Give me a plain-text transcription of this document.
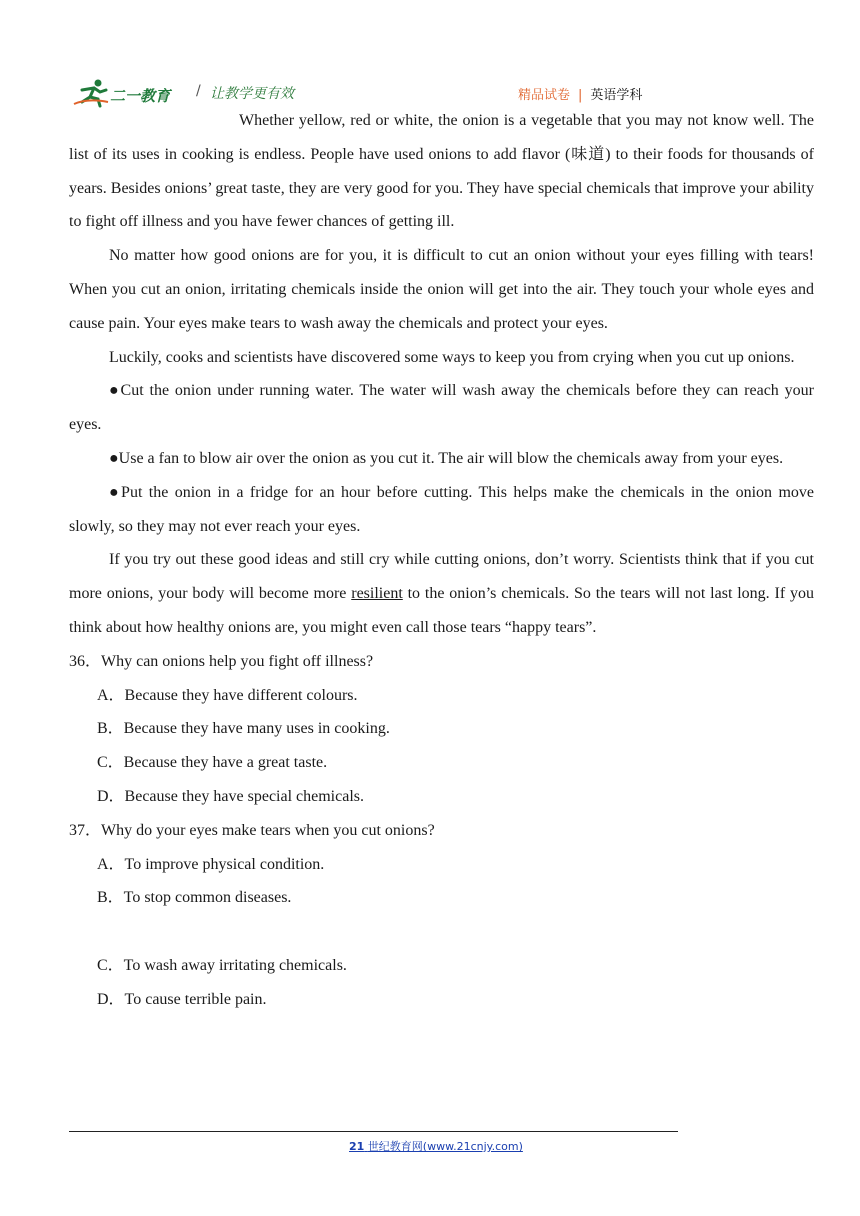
二一教育 / 让教学更有效	精品试卷 | 英语学科

Whether yellow, red or white, the onion is a vegetable that you may not know well. The list of its uses in cooking is endless. People have used onions to add flavor (味道) to their foods for thousands of years. Besides onions’ great taste, they are very good for you. They have special chemicals that improve your ability to fight off illness and you have fewer chances of getting ill.

No matter how good onions are for you, it is difficult to cut an onion without your eyes filling with tears! When you cut an onion, irritating chemicals inside the onion will get into the air. They touch your whole eyes and cause pain. Your eyes make tears to wash away the chemicals and protect your eyes.

Luckily, cooks and scientists have discovered some ways to keep you from crying when you cut up onions.

●Cut the onion under running water. The water will wash away the chemicals before they can reach your eyes.

●Use a fan to blow air over the onion as you cut it. The air will blow the chemicals away from your eyes.

●Put the onion in a fridge for an hour before cutting. This helps make the chemicals in the onion move slowly, so they may not ever reach your eyes.

If you try out these good ideas and still cry while cutting onions, don’t worry. Scientists think that if you cut more onions, your body will become more resilient to the onion’s chemicals. So the tears will not last long. If you think about how healthy onions are, you might even call those tears “happy tears”.

36．Why can onions help you fight off illness?

A．Because they have different colours.

B．Because they have many uses in cooking.

C．Because they have a great taste.

D．Because they have special chemicals.

37．Why do your eyes make tears when you cut onions?

A．To improve physical condition.

B．To stop common diseases.

C．To wash away irritating chemicals.

D．To cause terrible pain.

21 世纪教育网(www.21cnjy.com)
